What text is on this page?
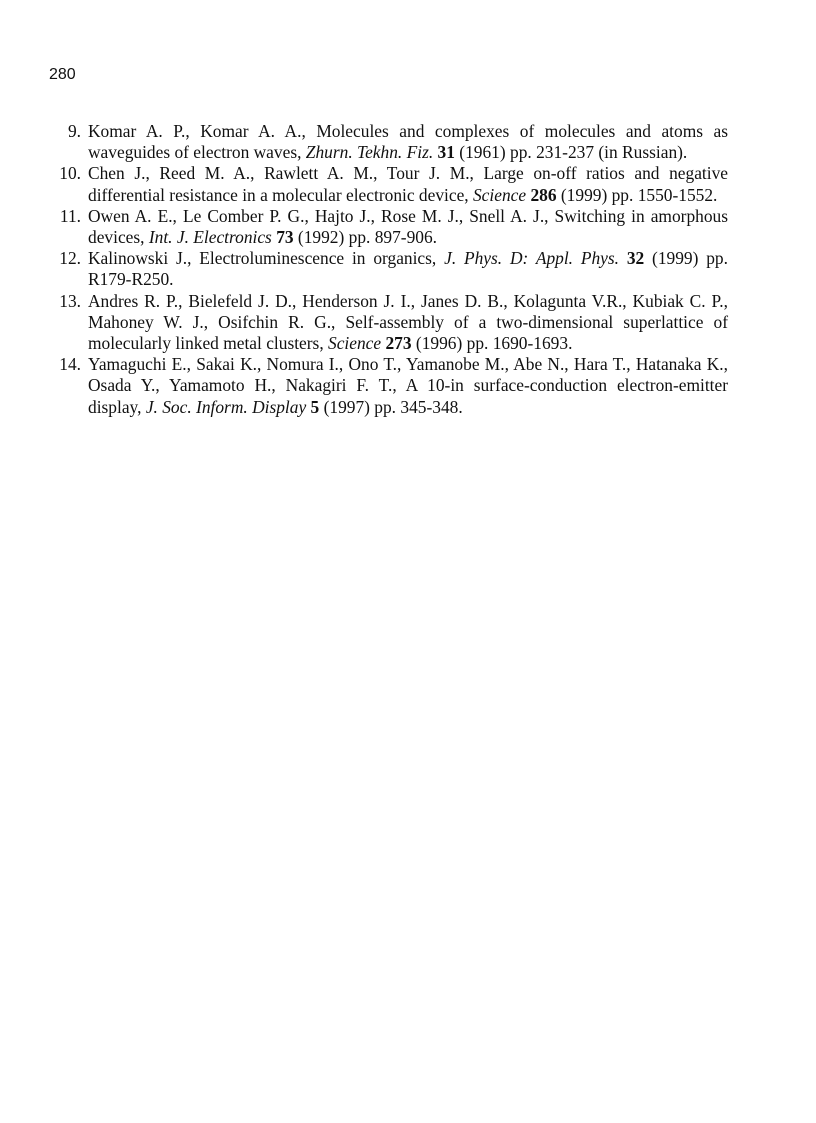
280
9. Komar A. P., Komar A. A., Molecules and complexes of molecules and atoms as waveguides of electron waves, Zhurn. Tekhn. Fiz. 31 (1961) pp. 231-237 (in Russian).
10. Chen J., Reed M. A., Rawlett A. M., Tour J. M., Large on-off ratios and negative differential resistance in a molecular electronic device, Science 286 (1999) pp. 1550-1552.
11. Owen A. E., Le Comber P. G., Hajto J., Rose M. J., Snell A. J., Switching in amorphous devices, Int. J. Electronics 73 (1992) pp. 897-906.
12. Kalinowski J., Electroluminescence in organics, J. Phys. D: Appl. Phys. 32 (1999) pp. R179-R250.
13. Andres R. P., Bielefeld J. D., Henderson J. I., Janes D. B., Kolagunta V.R., Kubiak C. P., Mahoney W. J., Osifchin R. G., Self-assembly of a two-dimensional superlattice of molecularly linked metal clusters, Science 273 (1996) pp. 1690-1693.
14. Yamaguchi E., Sakai K., Nomura I., Ono T., Yamanobe M., Abe N., Hara T., Hatanaka K., Osada Y., Yamamoto H., Nakagiri F. T., A 10-in surface-conduction electron-emitter display, J. Soc. Inform. Display 5 (1997) pp. 345-348.
